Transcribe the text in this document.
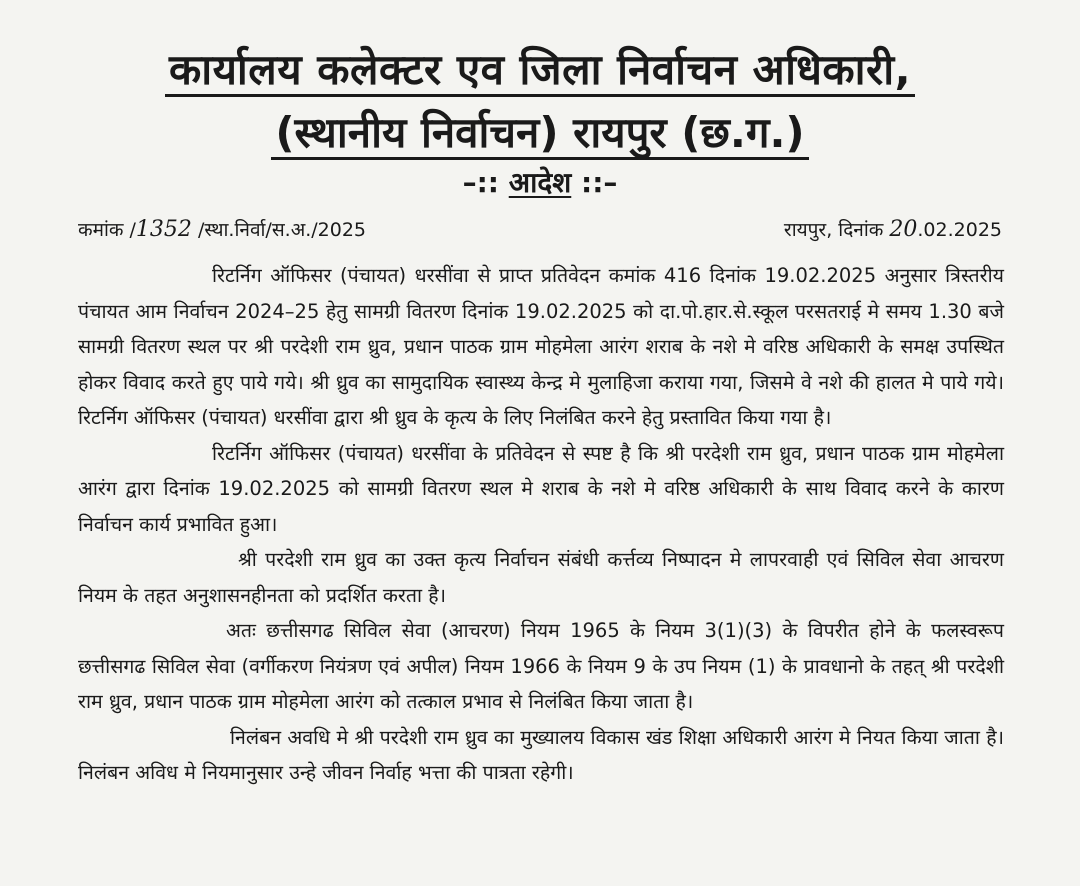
कार्यालय कलेक्टर एव जिला निर्वाचन अधिकारी,
(स्थानीय निर्वाचन) रायपुर (छ.ग.)
–:: आदेश ::–
कमांक /1352 /स्था.निर्वा/स.अ./2025	रायपुर, दिनांक 20.02.2025

रिटर्निग ऑफिसर (पंचायत) धरसींवा से प्राप्त प्रतिवेदन कमांक 416 दिनांक 19.02.2025 अनुसार त्रिस्तरीय पंचायत आम निर्वाचन 2024–25 हेतु सामग्री वितरण दिनांक 19.02.2025 को दा.पो.हार.से.स्कूल परसतराई मे समय 1.30 बजे सामग्री वितरण स्थल पर श्री परदेशी राम ध्रुव, प्रधान पाठक ग्राम मोहमेला आरंग शराब के नशे मे वरिष्ठ अधिकारी के समक्ष उपस्थित होकर विवाद करते हुए पाये गये। श्री ध्रुव का सामुदायिक स्वास्थ्य केन्द्र मे मुलाहिजा कराया गया, जिसमे वे नशे की हालत मे पाये गये। रिटर्निग ऑफिसर (पंचायत) धरसींवा द्वारा श्री ध्रुव के कृत्य के लिए निलंबित करने हेतु प्रस्तावित किया गया है।

रिटर्निग ऑफिसर (पंचायत) धरसींवा के प्रतिवेदन से स्पष्ट है कि श्री परदेशी राम ध्रुव, प्रधान पाठक ग्राम मोहमेला आरंग द्वारा दिनांक 19.02.2025 को सामग्री वितरण स्थल मे शराब के नशे मे वरिष्ठ अधिकारी के साथ विवाद करने के कारण निर्वाचन कार्य प्रभावित हुआ।

श्री परदेशी राम ध्रुव का उक्त कृत्य निर्वाचन संबंधी कर्त्तव्य निष्पादन मे लापरवाही एवं सिविल सेवा आचरण नियम के तहत अनुशासनहीनता को प्रदर्शित करता है।

अतः छत्तीसगढ सिविल सेवा (आचरण) नियम 1965 के नियम 3(1)(3) के विपरीत होने के फलस्वरूप छत्तीसगढ सिविल सेवा (वर्गीकरण नियंत्रण एवं अपील) नियम 1966 के नियम 9 के उप नियम (1) के प्रावधानो के तहत् श्री परदेशी राम ध्रुव, प्रधान पाठक ग्राम मोहमेला आरंग को तत्काल प्रभाव से निलंबित किया जाता है।

निलंबन अवधि मे श्री परदेशी राम ध्रुव का मुख्यालय विकास खंड शिक्षा अधिकारी आरंग मे नियत किया जाता है। निलंबन अविध मे नियमानुसार उन्हे जीवन निर्वाह भत्ता की पात्रता रहेगी।
